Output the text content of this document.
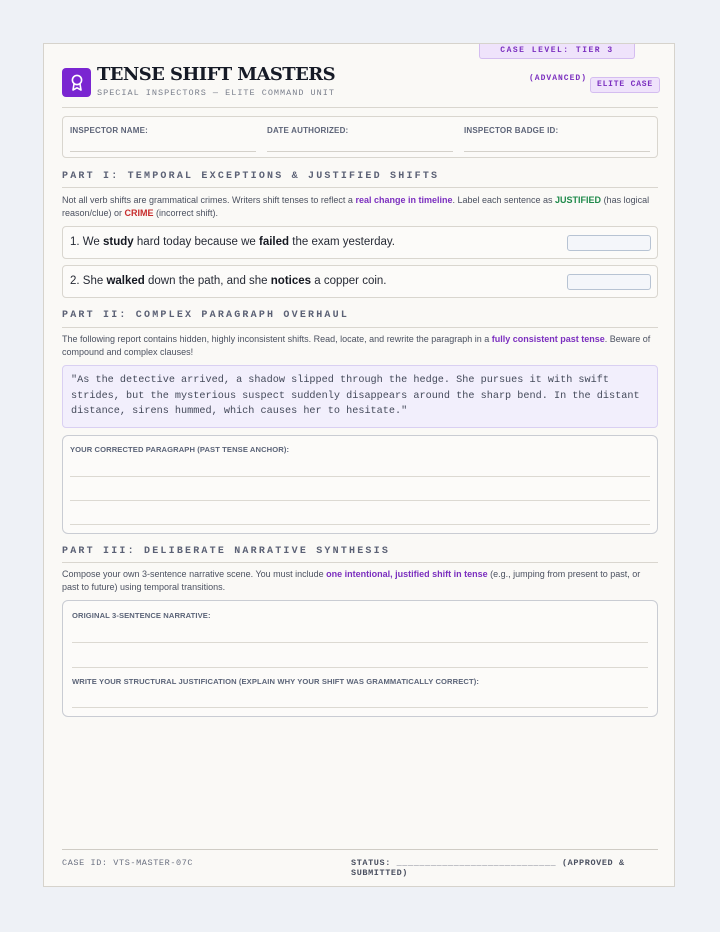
CASE LEVEL: TIER 3
TENSE SHIFT MASTERS
SPECIAL INSPECTORS — ELITE COMMAND UNIT
(ADVANCED)
ELITE CASE
INSPECTOR NAME:	DATE AUTHORIZED:	INSPECTOR BADGE ID:
PART I: TEMPORAL EXCEPTIONS & JUSTIFIED SHIFTS
Not all verb shifts are grammatical crimes. Writers shift tenses to reflect a real change in timeline. Label each sentence as JUSTIFIED (has logical reason/clue) or CRIME (incorrect shift).
1. We study hard today because we failed the exam yesterday.
2. She walked down the path, and she notices a copper coin.
PART II: COMPLEX PARAGRAPH OVERHAUL
The following report contains hidden, highly inconsistent shifts. Read, locate, and rewrite the paragraph in a fully consistent past tense. Beware of compound and complex clauses!
"As the detective arrived, a shadow slipped through the hedge. She pursues it with swift strides, but the mysterious suspect suddenly disappears around the sharp bend. In the distant distance, sirens hummed, which causes her to hesitate."
YOUR CORRECTED PARAGRAPH (PAST TENSE ANCHOR):
PART III: DELIBERATE NARRATIVE SYNTHESIS
Compose your own 3-sentence narrative scene. You must include one intentional, justified shift in tense (e.g., jumping from present to past, or past to future) using temporal transitions.
ORIGINAL 3-SENTENCE NARRATIVE:
WRITE YOUR STRUCTURAL JUSTIFICATION (EXPLAIN WHY YOUR SHIFT WAS GRAMMATICALLY CORRECT):
CASE ID: VTS-MASTER-07C	STATUS: ____________________________ (APPROVED & SUBMITTED)
